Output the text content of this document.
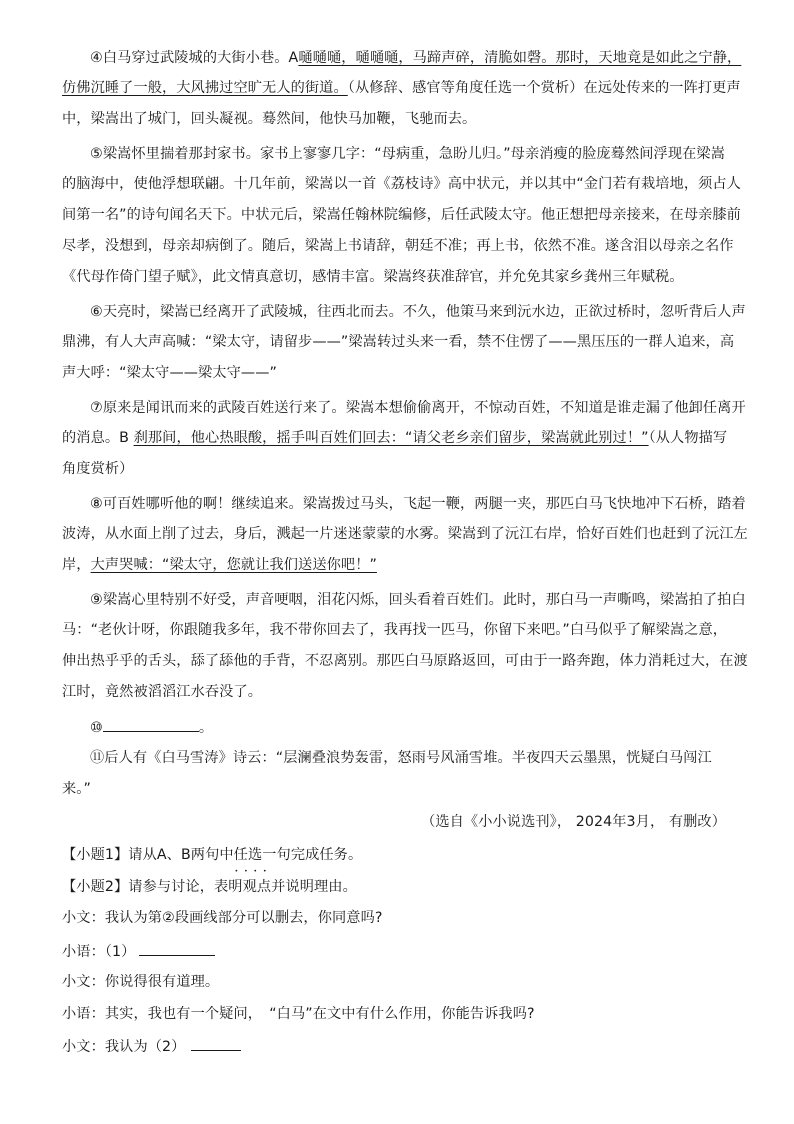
④白马穿过武陵城的大街小巷。A嗵嗵嗵，嗵嗵嗵，马蹄声碎，清脆如磬。那时，天地竟是如此之宁静，
仿佛沉睡了一般，大风拂过空旷无人的街道。（从修辞、感官等角度任选一个赏析）在远处传来的一阵打更声
中，梁嵩出了城门，回头凝视。蓦然间，他快马加鞭，飞驰而去。
⑤梁嵩怀里揣着那封家书。家书上寥寥几字：“母病重，急盼儿归。”母亲消瘦的脸庞蓦然间浮现在梁嵩
的脑海中，使他浮想联翩。十几年前，梁嵩以一首《荔枝诗》高中状元，并以其中“金门若有栽培地，须占人
间第一名”的诗句闻名天下。中状元后，梁嵩任翰林院编修，后任武陵太守。他正想把母亲接来，在母亲膝前
尽孝，没想到，母亲却病倒了。随后，梁嵩上书请辞，朝廷不准；再上书，依然不准。遂含泪以母亲之名作
《代母作倚门望子赋》，此文情真意切，感情丰富。梁嵩终获准辞官，并允免其家乡龚州三年赋税。
⑥天亮时，梁嵩已经离开了武陵城，往西北而去。不久，他策马来到沅水边，正欲过桥时，忽听背后人声
鼎沸，有人大声高喊：“梁太守，请留步——”梁嵩转过头来一看，禁不住愣了——黑压压的一群人追来，高
声大呼：“梁太守——梁太守——”
⑦原来是闻讯而来的武陵百姓送行来了。梁嵩本想偷偷离开，不惊动百姓，不知道是谁走漏了他卸任离开
的消息。B 刹那间，他心热眼酸，摇手叫百姓们回去：“请父老乡亲们留步，梁嵩就此别过！”（从人物描写
角度赏析）
⑧可百姓哪听他的啊！继续追来。梁嵩拨过马头，飞起一鞭，两腿一夹，那匹白马飞快地冲下石桥，踏着
波涛，从水面上削了过去，身后，溅起一片迷迷蒙蒙的水雾。梁嵩到了沅江右岸，恰好百姓们也赶到了沅江左
岸，大声哭喊：“梁太守，您就让我们送送你吧！”
⑨梁嵩心里特别不好受，声音哽咽，泪花闪烁，回头看着百姓们。此时，那白马一声嘶鸣，梁嵩拍了拍白
马：“老伙计呀，你跟随我多年，我不带你回去了，我再找一匹马，你留下来吧。”白马似乎了解梁嵩之意，
伸出热乎乎的舌头，舔了舔他的手背，不忍离别。那匹白马原路返回，可由于一路奔跑，体力消耗过大，在渡
江时，竟然被滔滔江水吞没了。
⑩	。
⑪后人有《白马雪涛》诗云：“层澜叠浪势轰雷，怒雨号风涌雪堆。半夜四天云墨黑，恍疑白马闯江
来。”
（选自《小小说选刊》， 2024年3月， 有删改）
【小题1】请从A、B两句中任选一句 • • 完成任务。
【小题2】请参与讨论，表明观点并说明理由。
小文：我认为第②段画线部分可以删去，你同意吗?
小语：（1）
小文：你说得很有道理。
小语：其实，我也有一个疑问，　“白马”在文中有什么作用，你能告诉我吗?
小文：我认为（2）
